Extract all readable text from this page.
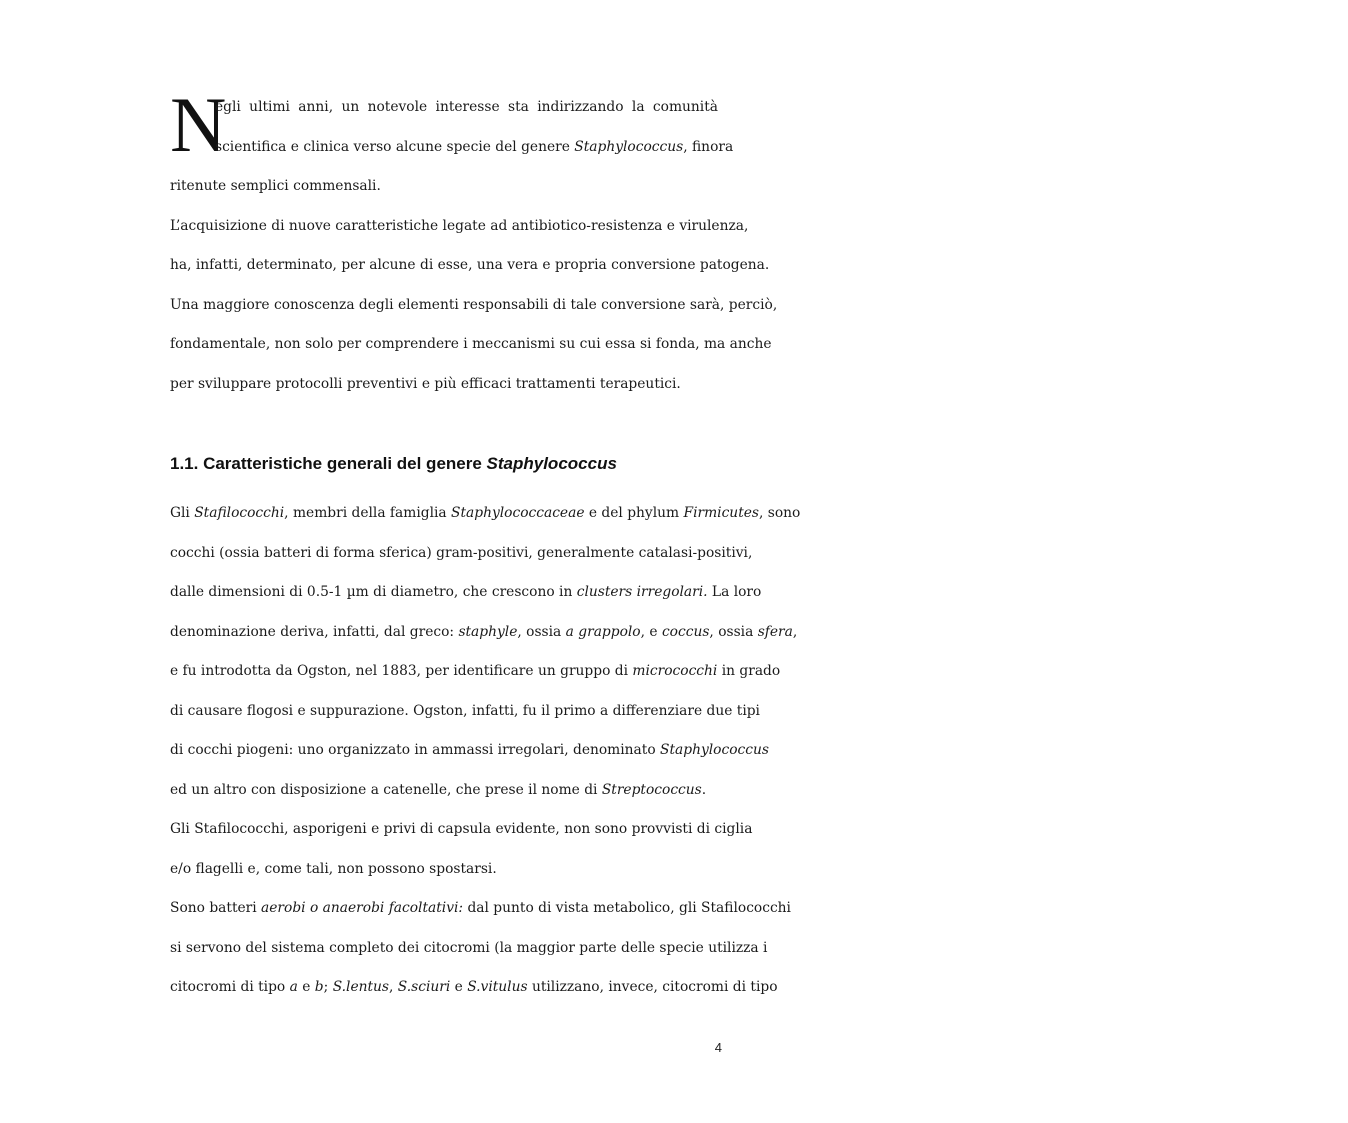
N
egli ultimi anni, un notevole interesse sta indirizzando la comunità
scientifica e clinica verso alcune specie del genere Staphylococcus, finora
ritenute semplici commensali.
L’acquisizione di nuove caratteristiche legate ad antibiotico-resistenza e virulenza,
ha, infatti, determinato, per alcune di esse, una vera e propria conversione patogena.
Una maggiore conoscenza degli elementi responsabili di tale conversione sarà, perciò,
fondamentale, non solo per comprendere i meccanismi su cui essa si fonda, ma anche
per sviluppare protocolli preventivi e più efficaci trattamenti terapeutici.
1.1. Caratteristiche generali del genere Staphylococcus
Gli Stafilococchi, membri della famiglia Staphylococcaceae e del phylum Firmicutes, sono
cocchi (ossia batteri di forma sferica) gram-positivi, generalmente catalasi-positivi,
dalle dimensioni di 0.5-1 µm di diametro, che crescono in clusters irregolari. La loro
denominazione deriva, infatti, dal greco: staphyle, ossia a grappolo, e coccus, ossia sfera,
e fu introdotta da Ogston, nel 1883, per identificare un gruppo di micrococchi in grado
di causare flogosi e suppurazione. Ogston, infatti, fu il primo a differenziare due tipi
di cocchi piogeni: uno organizzato in ammassi irregolari, denominato Staphylococcus
ed un altro con disposizione a catenelle, che prese il nome di Streptococcus.
Gli Stafilococchi, asporigeni e privi di capsula evidente, non sono provvisti di ciglia
e/o flagelli e, come tali, non possono spostarsi.
Sono batteri aerobi o anaerobi facoltativi: dal punto di vista metabolico, gli Stafilococchi
si servono del sistema completo dei citocromi (la maggior parte delle specie utilizza i
citocromi di tipo a e b; S.lentus, S.sciuri e S.vitulus utilizzano, invece, citocromi di tipo
4
